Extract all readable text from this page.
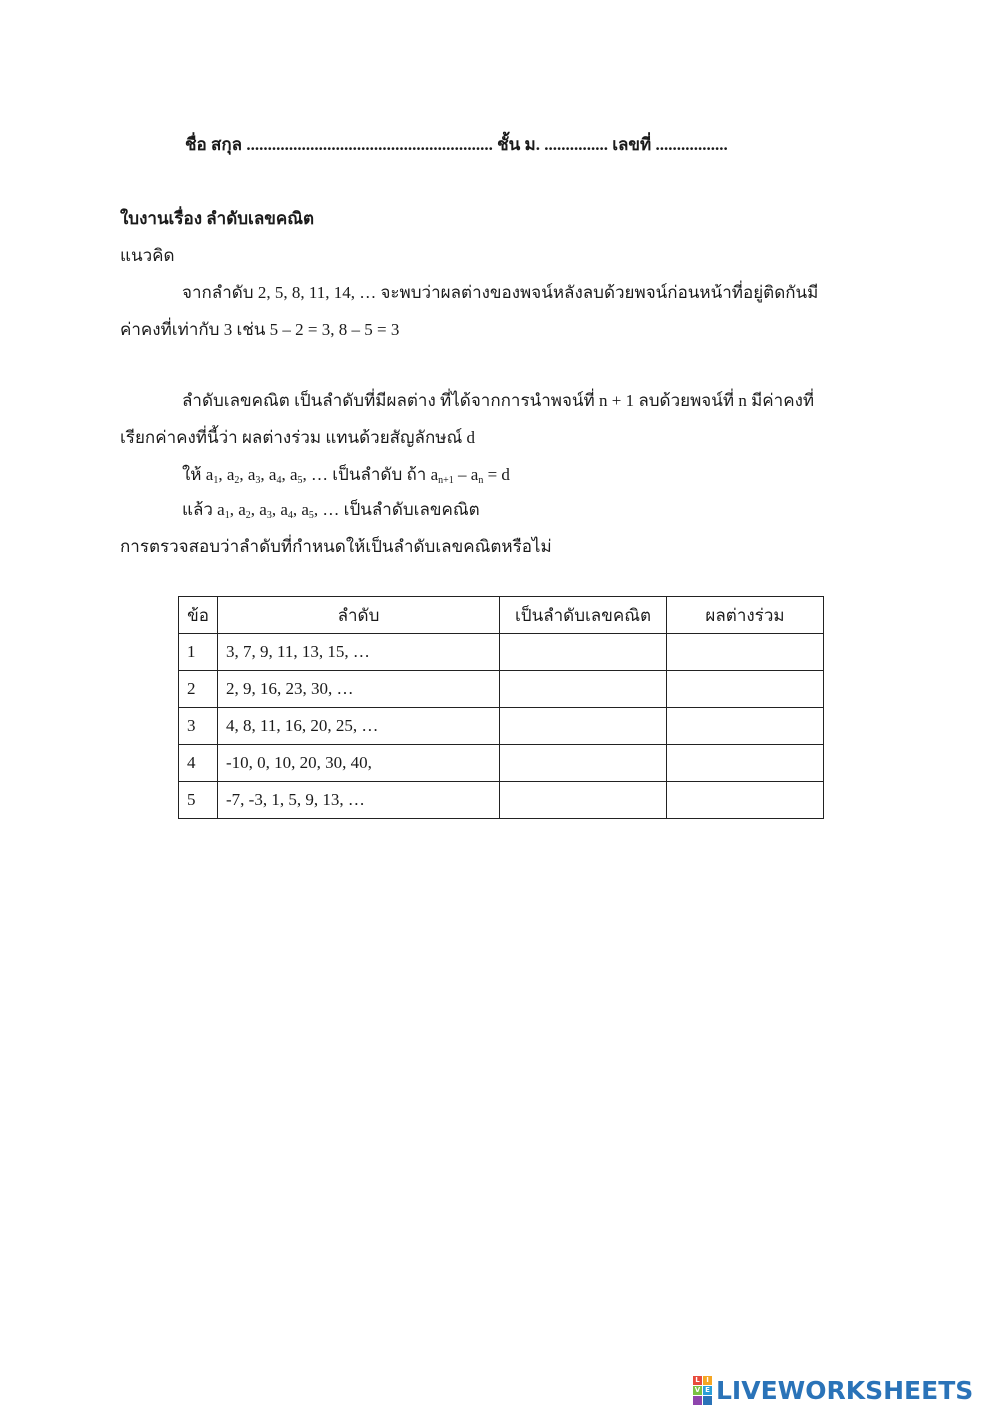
ชื่อ สกุล .......................................................... ชั้น ม. ............... เลขที่ .................
ใบงานเรื่อง ลำดับเลขคณิต
แนวคิด
จากลำดับ 2, 5, 8, 11, 14, … จะพบว่าผลต่างของพจน์หลังลบด้วยพจน์ก่อนหน้าที่อยู่ติดกันมี
ค่าคงที่เท่ากับ 3 เช่น 5 – 2 = 3, 8 – 5 = 3
ลำดับเลขคณิต เป็นลำดับที่มีผลต่าง ที่ได้จากการนำพจน์ที่ n + 1 ลบด้วยพจน์ที่ n มีค่าคงที่
เรียกค่าคงที่นี้ว่า ผลต่างร่วม แทนด้วยสัญลักษณ์ d
ให้ $a_1$, $a_2$, $a_3$, $a_4$, $a_5$, … เป็นลำดับ ถ้า $a_{n+1} - a_n = d$
แล้ว $a_1$, $a_2$, $a_3$, $a_4$, $a_5$, … เป็นลำดับเลขคณิต
การตรวจสอบว่าลำดับที่กำหนดให้เป็นลำดับเลขคณิตหรือไม่
ข้อ	ลำดับ	เป็นลำดับเลขคณิต	ผลต่างร่วม
1	3, 7, 9, 11, 13, 15, …		
2	2, 9, 16, 23, 30, …		
3	4, 8, 11, 16, 20, 25, …		
4	-10, 0, 10, 20, 30, 40,		
5	-7, -3, 1, 5, 9, 13, …		
L I
V E LIVEWORKSHEETS
